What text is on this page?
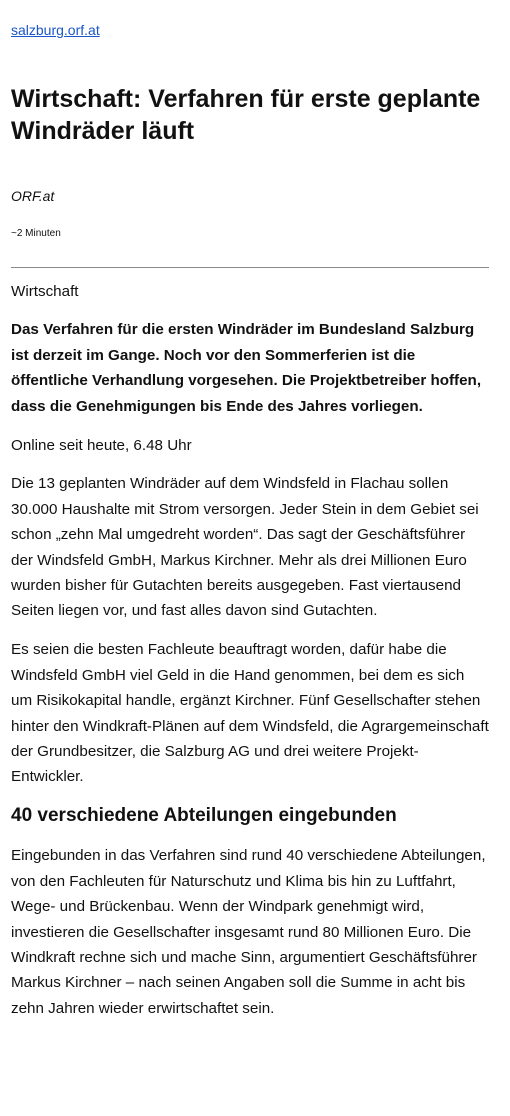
salzburg.orf.at
Wirtschaft: Verfahren für erste geplante Windräder läuft
ORF.at
~2 Minuten

Wirtschaft

Das Verfahren für die ersten Windräder im Bundesland Salzburg ist derzeit im Gange. Noch vor den Sommerferien ist die öffentliche Verhandlung vorgesehen. Die Projektbetreiber hoffen, dass die Genehmigungen bis Ende des Jahres vorliegen.

Online seit heute, 6.48 Uhr

Die 13 geplanten Windräder auf dem Windsfeld in Flachau sollen 30.000 Haushalte mit Strom versorgen. Jeder Stein in dem Gebiet sei schon „zehn Mal umgedreht worden“. Das sagt der Geschäftsführer der Windsfeld GmbH, Markus Kirchner. Mehr als drei Millionen Euro wurden bisher für Gutachten bereits ausgegeben. Fast viertausend Seiten liegen vor, und fast alles davon sind Gutachten.

Es seien die besten Fachleute beauftragt worden, dafür habe die Windsfeld GmbH viel Geld in die Hand genommen, bei dem es sich um Risikokapital handle, ergänzt Kirchner. Fünf Gesellschafter stehen hinter den Windkraft-Plänen auf dem Windsfeld, die Agrargemeinschaft der Grundbesitzer, die Salzburg AG und drei weitere Projekt-Entwickler.

40 verschiedene Abteilungen eingebunden

Eingebunden in das Verfahren sind rund 40 verschiedene Abteilungen, von den Fachleuten für Naturschutz und Klima bis hin zu Luftfahrt, Wege- und Brückenbau. Wenn der Windpark genehmigt wird, investieren die Gesellschafter insgesamt rund 80 Millionen Euro. Die Windkraft rechne sich und mache Sinn, argumentiert Geschäftsführer Markus Kirchner – nach seinen Angaben soll die Summe in acht bis zehn Jahren wieder erwirtschaftet sein.
